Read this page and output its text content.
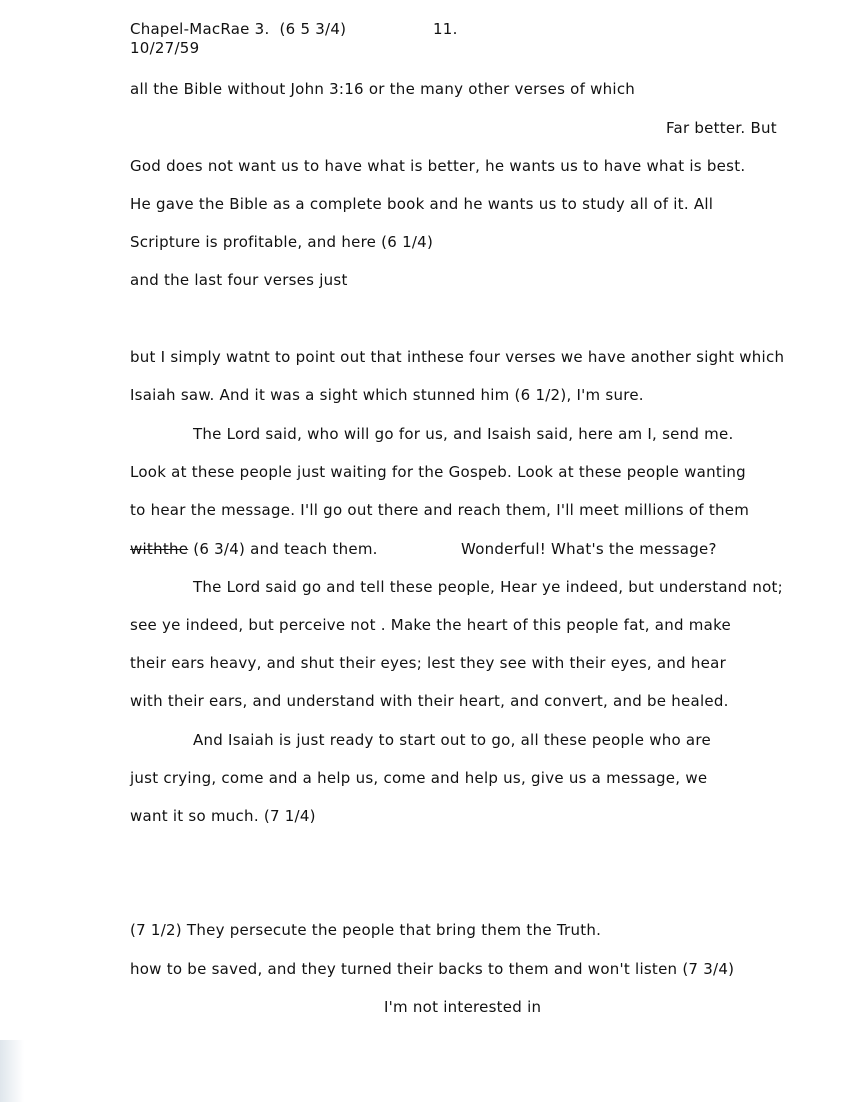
Chapel-MacRae 3. (6 5 3/4)	11.
10/27/59
all the Bible without John 3:16 or the many other verses of which
Far better. But
God does not want us to have what is better, he wants us to have what is best.
He gave the Bible as a complete book and he wants us to study all of it. All
Scripture is profitable, and here (6 1/4)
and the last four verses just
but I simply watnt to point out that inthese four verses we have another sight which
Isaiah saw. And it was a sight which stunned him (6 1/2), I'm sure.
The Lord said, who will go for us, and Isaish said, here am I, send me.
Look at these people just waiting for the Gospeb. Look at these people wanting
to hear the message. I'll go out there and reach them, I'll meet millions of them
withthe (6 3/4) and teach them.	Wonderful! What's the message?
The Lord said go and tell these people, Hear ye indeed, but understand not;
see ye indeed, but perceive not . Make the heart of this people fat, and make
their ears heavy, and shut their eyes; lest they see with their eyes, and hear
with their ears, and understand with their heart, and convert, and be healed.
And Isaiah is just ready to start out to go, all these people who are
just crying, come and a help us, come and help us, give us a message, we
want it so much. (7 1/4)
(7 1/2) They persecute the people that bring them the Truth.
how to be saved, and they turned their backs to them and won't listen (7 3/4)
I'm not interested in
